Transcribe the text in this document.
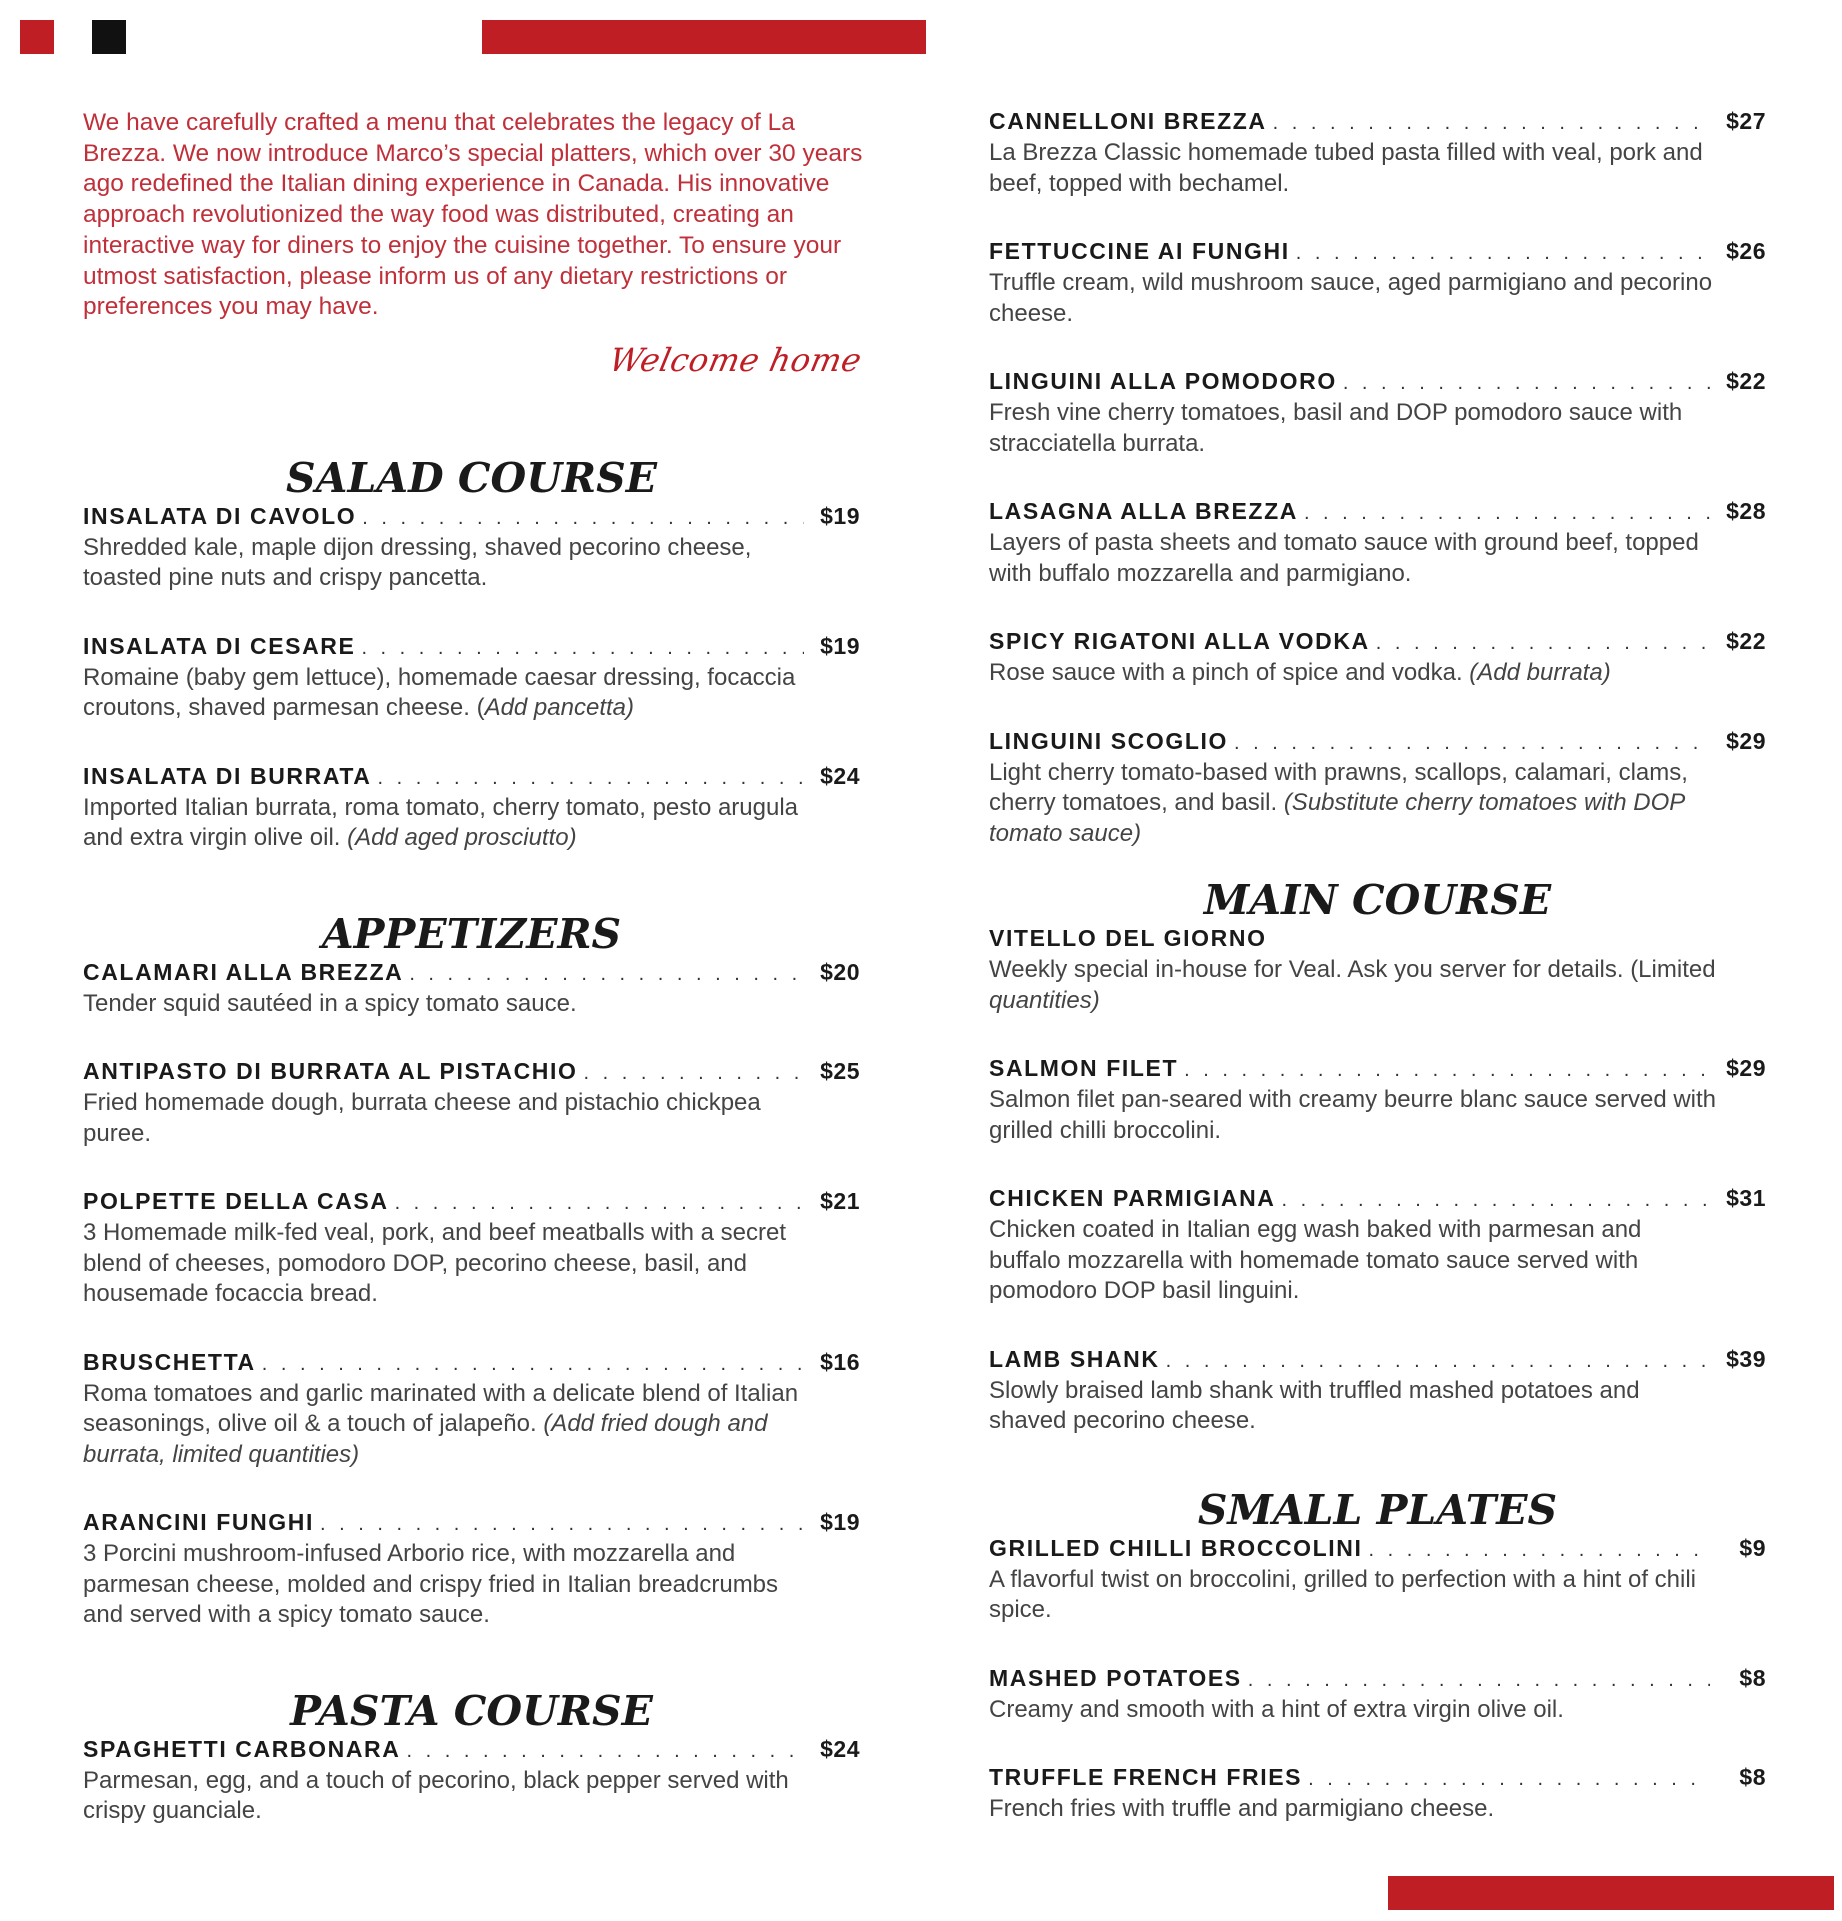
We have carefully crafted a menu that celebrates the legacy of La Brezza. We now introduce Marco’s special platters, which over 30 years ago redefined the Italian dining experience in Canada. His innovative approach revolutionized the way food was distributed, creating an interactive way for diners to enjoy the cuisine together. To ensure your utmost satisfaction, please inform us of any dietary restrictions or preferences you may have.

Welcome home
SALAD COURSE
INSALATA DI CAVOLO . . .	$19
Shredded kale, maple dijon dressing, shaved pecorino cheese, toasted pine nuts and crispy pancetta.
INSALATA DI CESARE . . .	$19
Romaine (baby gem lettuce), homemade caesar dressing, focaccia croutons, shaved parmesan cheese. (Add pancetta)
INSALATA DI BURRATA . . .	$24
Imported Italian burrata, roma tomato, cherry tomato, pesto arugula and extra virgin olive oil. (Add aged prosciutto)
APPETIZERS
CALAMARI ALLA BREZZA . . .	$20
Tender squid sautéed in a spicy tomato sauce.
ANTIPASTO DI BURRATA AL PISTACHIO . . .	$25
Fried homemade dough, burrata cheese and pistachio chickpea puree.
POLPETTE DELLA CASA . . .	$21
3 Homemade milk-fed veal, pork, and beef meatballs with a secret blend of cheeses, pomodoro DOP, pecorino cheese, basil, and housemade focaccia bread.
BRUSCHETTA . . .	$16
Roma tomatoes and garlic marinated with a delicate blend of Italian seasonings, olive oil & a touch of jalapeño. (Add fried dough and burrata, limited quantities)
ARANCINI FUNGHI . . .	$19
3 Porcini mushroom-infused Arborio rice, with mozzarella and parmesan cheese, molded and crispy fried in Italian breadcrumbs and served with a spicy tomato sauce.
PASTA COURSE
SPAGHETTI CARBONARA . . .	$24
Parmesan, egg, and a touch of pecorino, black pepper served with crispy guanciale.
CANNELLONI BREZZA . . .	$27
La Brezza Classic homemade tubed pasta filled with veal, pork and beef, topped with bechamel.
FETTUCCINE AI FUNGHI . . .	$26
Truffle cream, wild mushroom sauce, aged parmigiano and pecorino cheese.
LINGUINI ALLA POMODORO . . .	$22
Fresh vine cherry tomatoes, basil and DOP pomodoro sauce with stracciatella burrata.
LASAGNA ALLA BREZZA . . .	$28
Layers of pasta sheets and tomato sauce with ground beef, topped with buffalo mozzarella and parmigiano.
SPICY RIGATONI ALLA VODKA . . .	$22
Rose sauce with a pinch of spice and vodka. (Add burrata)
LINGUINI SCOGLIO . . .	$29
Light cherry tomato-based with prawns, scallops, calamari, clams, cherry tomatoes, and basil. (Substitute cherry tomatoes with DOP tomato sauce)
MAIN COURSE
VITELLO DEL GIORNO
Weekly special in-house for Veal. Ask you server for details. (Limited quantities)
SALMON FILET . . .	$29
Salmon filet pan-seared with creamy beurre blanc sauce served with grilled chilli broccolini.
CHICKEN PARMIGIANA . . .	$31
Chicken coated in Italian egg wash baked with parmesan and buffalo mozzarella with homemade tomato sauce served with pomodoro DOP basil linguini.
LAMB SHANK . . .	$39
Slowly braised lamb shank with truffled mashed potatoes and shaved pecorino cheese.
SMALL PLATES
GRILLED CHILLI BROCCOLINI . . .	$9
A flavorful twist on broccolini, grilled to perfection with a hint of chili spice.
MASHED POTATOES . . .	$8
Creamy and smooth with a hint of extra virgin olive oil.
TRUFFLE FRENCH FRIES . . .	$8
French fries with truffle and parmigiano cheese.
